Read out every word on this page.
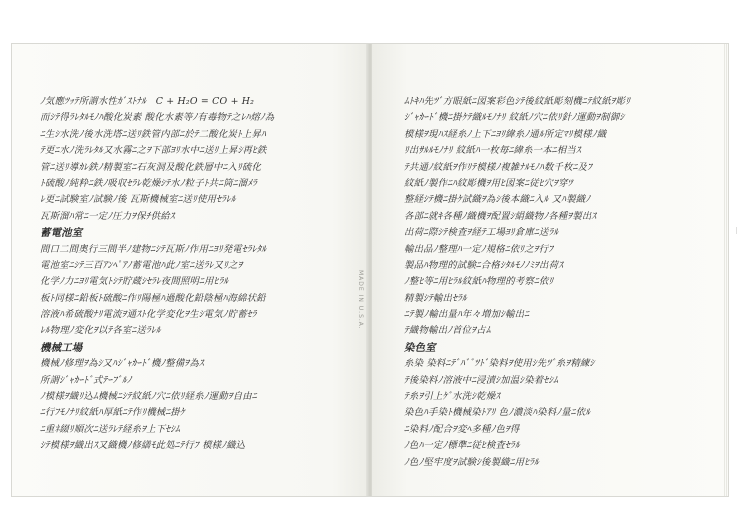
ﾉ気應ﾂｯﾃ所謂水性ｶﾞｽﾄﾅﾙ　C + H₂O = CO + H₂
而ｼﾃ得ﾗﾚﾀﾙﾓﾉﾊ酸化炭素 酸化水素等ﾉ有毒物ﾃ之ﾚﾊ熔ﾉ為
ﾆ生ｼ水洗ﾉ後水洗塔ﾆ送ﾘ鉄管内部ﾆ於ﾃ二酸化炭ﾄ上昇ﾊ
ﾃ更ﾆ水ﾉ洗ﾗﾚﾀﾙ又水霧ﾆ之ｦ下部ﾖﾘ水中ﾆ送ﾘ上昇ｼ再ﾋ鉄
管ﾆ送ﾘ導ｶﾚ鉄ﾉ精製室ﾆ石灰洞及酸化鉄層中ﾆ入ﾘ硫化
ﾄ硫酸ﾉ純粋ﾆ鉄ﾉ吸収ｾﾗﾚ乾燥ｼﾃ水ﾉ粒子ﾄ共ﾆ筒ﾆ溜ﾒﾗ
ﾚ更ﾆ試験室ﾉ試験ﾉ後 瓦斯機械室ﾆ送ﾘ使用ｾﾗﾚﾙ
瓦斯溜ﾊ常ﾆ一定ﾉ圧力ｦ保ﾁ供給ｽ
蓄電池室
間口二間奥行三間半ﾉ建物ﾆｼﾃ瓦斯ﾉ作用ﾆﾖﾘ発電ｾﾗﾚﾀﾙ
電池室ﾆｼﾃ三百ｱﾝﾍﾟｱﾉ蓄電池ﾊ此ﾉ室ﾆ送ﾗﾚ又ﾘ之ｦ
化学ﾉ力ﾆﾖﾘ電気ﾄｼﾃ貯蔵ｼｾﾗﾚ夜間照明ﾆ用ﾋﾗﾙ
板ﾄ同様ﾆ鉛板ﾄ硫酸ﾆ作ﾘ陽極ﾊ過酸化鉛陰極ﾊ海綿状鉛
溶液ﾊ希硫酸ﾅﾘ電流ｦ通ｽﾄ化学変化ｦ生ｼ電気ﾉ貯蓄ｾﾗ
ﾚﾙ物理ﾉ変化ｦ以ﾃ各室ﾆ送ﾗﾚﾙ
機械工場
機械ﾉ修理ｦ為ｼ又ﾊｼﾞｬｶｰﾄﾞ機ﾉ整備ｦ為ｽ
所謂ｼﾞｬｶｰﾄﾞ式ﾃｰﾌﾞﾙﾉ
ﾉ模様ｦ織ﾘ込ﾑ機械ﾆｼﾃ紋紙ﾉ穴ﾆ依ﾘ経糸ﾉ運動ｦ自由ﾆ
ﾆ行ﾌﾓﾉﾅﾘ紋紙ﾊ厚紙ﾆﾃ作ﾘ機械ﾆ掛ｹ
ﾆ重ﾈ綴ﾘ順次ﾆ送ﾗﾚﾃ経糸ｦ上下ｾｼﾑ
ｼﾃ模様ｦ織出ｽ又織機ﾉ修繕ﾓ此処ﾆﾃ行ﾌ 模様ﾉ織込
ﾑﾄｷﾊ先ﾂﾞ方眼紙ﾆ図案彩色ｼﾃ後紋紙彫刻機ﾆﾃ紋紙ｦ彫ﾘ
ｼﾞｬｶｰﾄﾞ機ﾆ掛ｹﾃ織ﾙﾓﾉﾅﾘ 紋紙ﾉ穴ﾆ依ﾘ針ﾉ運動ｦ制御ｼ
模様ｦ現ﾊｽ経糸ﾉ上下ﾆﾖﾘ緯糸ﾉ通ﾙ所定ﾏﾘ模様ﾉ織
ﾘ出ｻﾙﾙﾓﾉﾅﾘ 紋紙ﾊ一枚毎ﾆ緯糸一本ﾆ相当ｽ
ﾃ共通ﾉ紋紙ｦ作ﾘﾃ模様ﾉ複雑ﾅﾙﾓﾉﾊ数千枚ﾆ及ﾌ
紋紙ﾉ製作ﾆﾊ紋彫機ｦ用ﾋ図案ﾆ従ﾋ穴ｦ穿ﾂ
整経ｼﾃ機ﾆ掛ｹ試織ｦ為ｼ後本織ﾆ入ﾙ 又ﾊ製織ﾉ
各部ﾆ就ｷ各種ﾉ織機ｦ配置ｼ絹織物ﾉ各種ｦ製出ｽ
出荷ﾆ際ｼﾃ検査ｦ経ﾃ工場ﾖﾘ倉庫ﾆ送ﾗﾙ
輸出品ﾉ整理ﾊ一定ﾉ規格ﾆ依ﾘ之ｦ行ﾌ
製品ﾊ物理的試験ﾆ合格ｼﾀﾙﾓﾉﾉﾐｦ出荷ｽ
ﾉ整ﾋ等ﾆ用ﾋﾗﾙ紋紙ﾊ物理的考察ﾆ依ﾘ
精製ｼﾃ輸出ｾﾗﾙ
ﾆﾃ製ﾉ輸出量ﾊ年々増加ｼ輸出ﾆ
ﾃ織物輸出ﾉ首位ｦ占ﾑ
染色室
糸染 染料ﾆﾃﾞﾊﾞﾞﾂﾄﾞ染料ｦ使用ｼ先ﾂﾞ糸ｦ精練ｼ
ﾃ後染料ﾉ溶液中ﾆ浸漬ｼ加温ｼ染着ｾｼﾑ
ﾃ糸ｦ引上ｹﾞ水洗ｼ乾燥ｽ
染色ﾊ手染ﾄ機械染ﾄｱﾘ 色ﾉ濃淡ﾊ染料ﾉ量ﾆ依ﾙ
ﾆ染料ﾉ配合ｦ変ﾍ多種ﾉ色ｦ得
ﾉ色ﾊ一定ﾉ標準ﾆ従ﾋ検査ｾﾗﾙ
ﾉ色ﾉ堅牢度ｦ試験ｼ後製織ﾆ用ﾋﾗﾙ
MADE IN U.S.A.
｜
